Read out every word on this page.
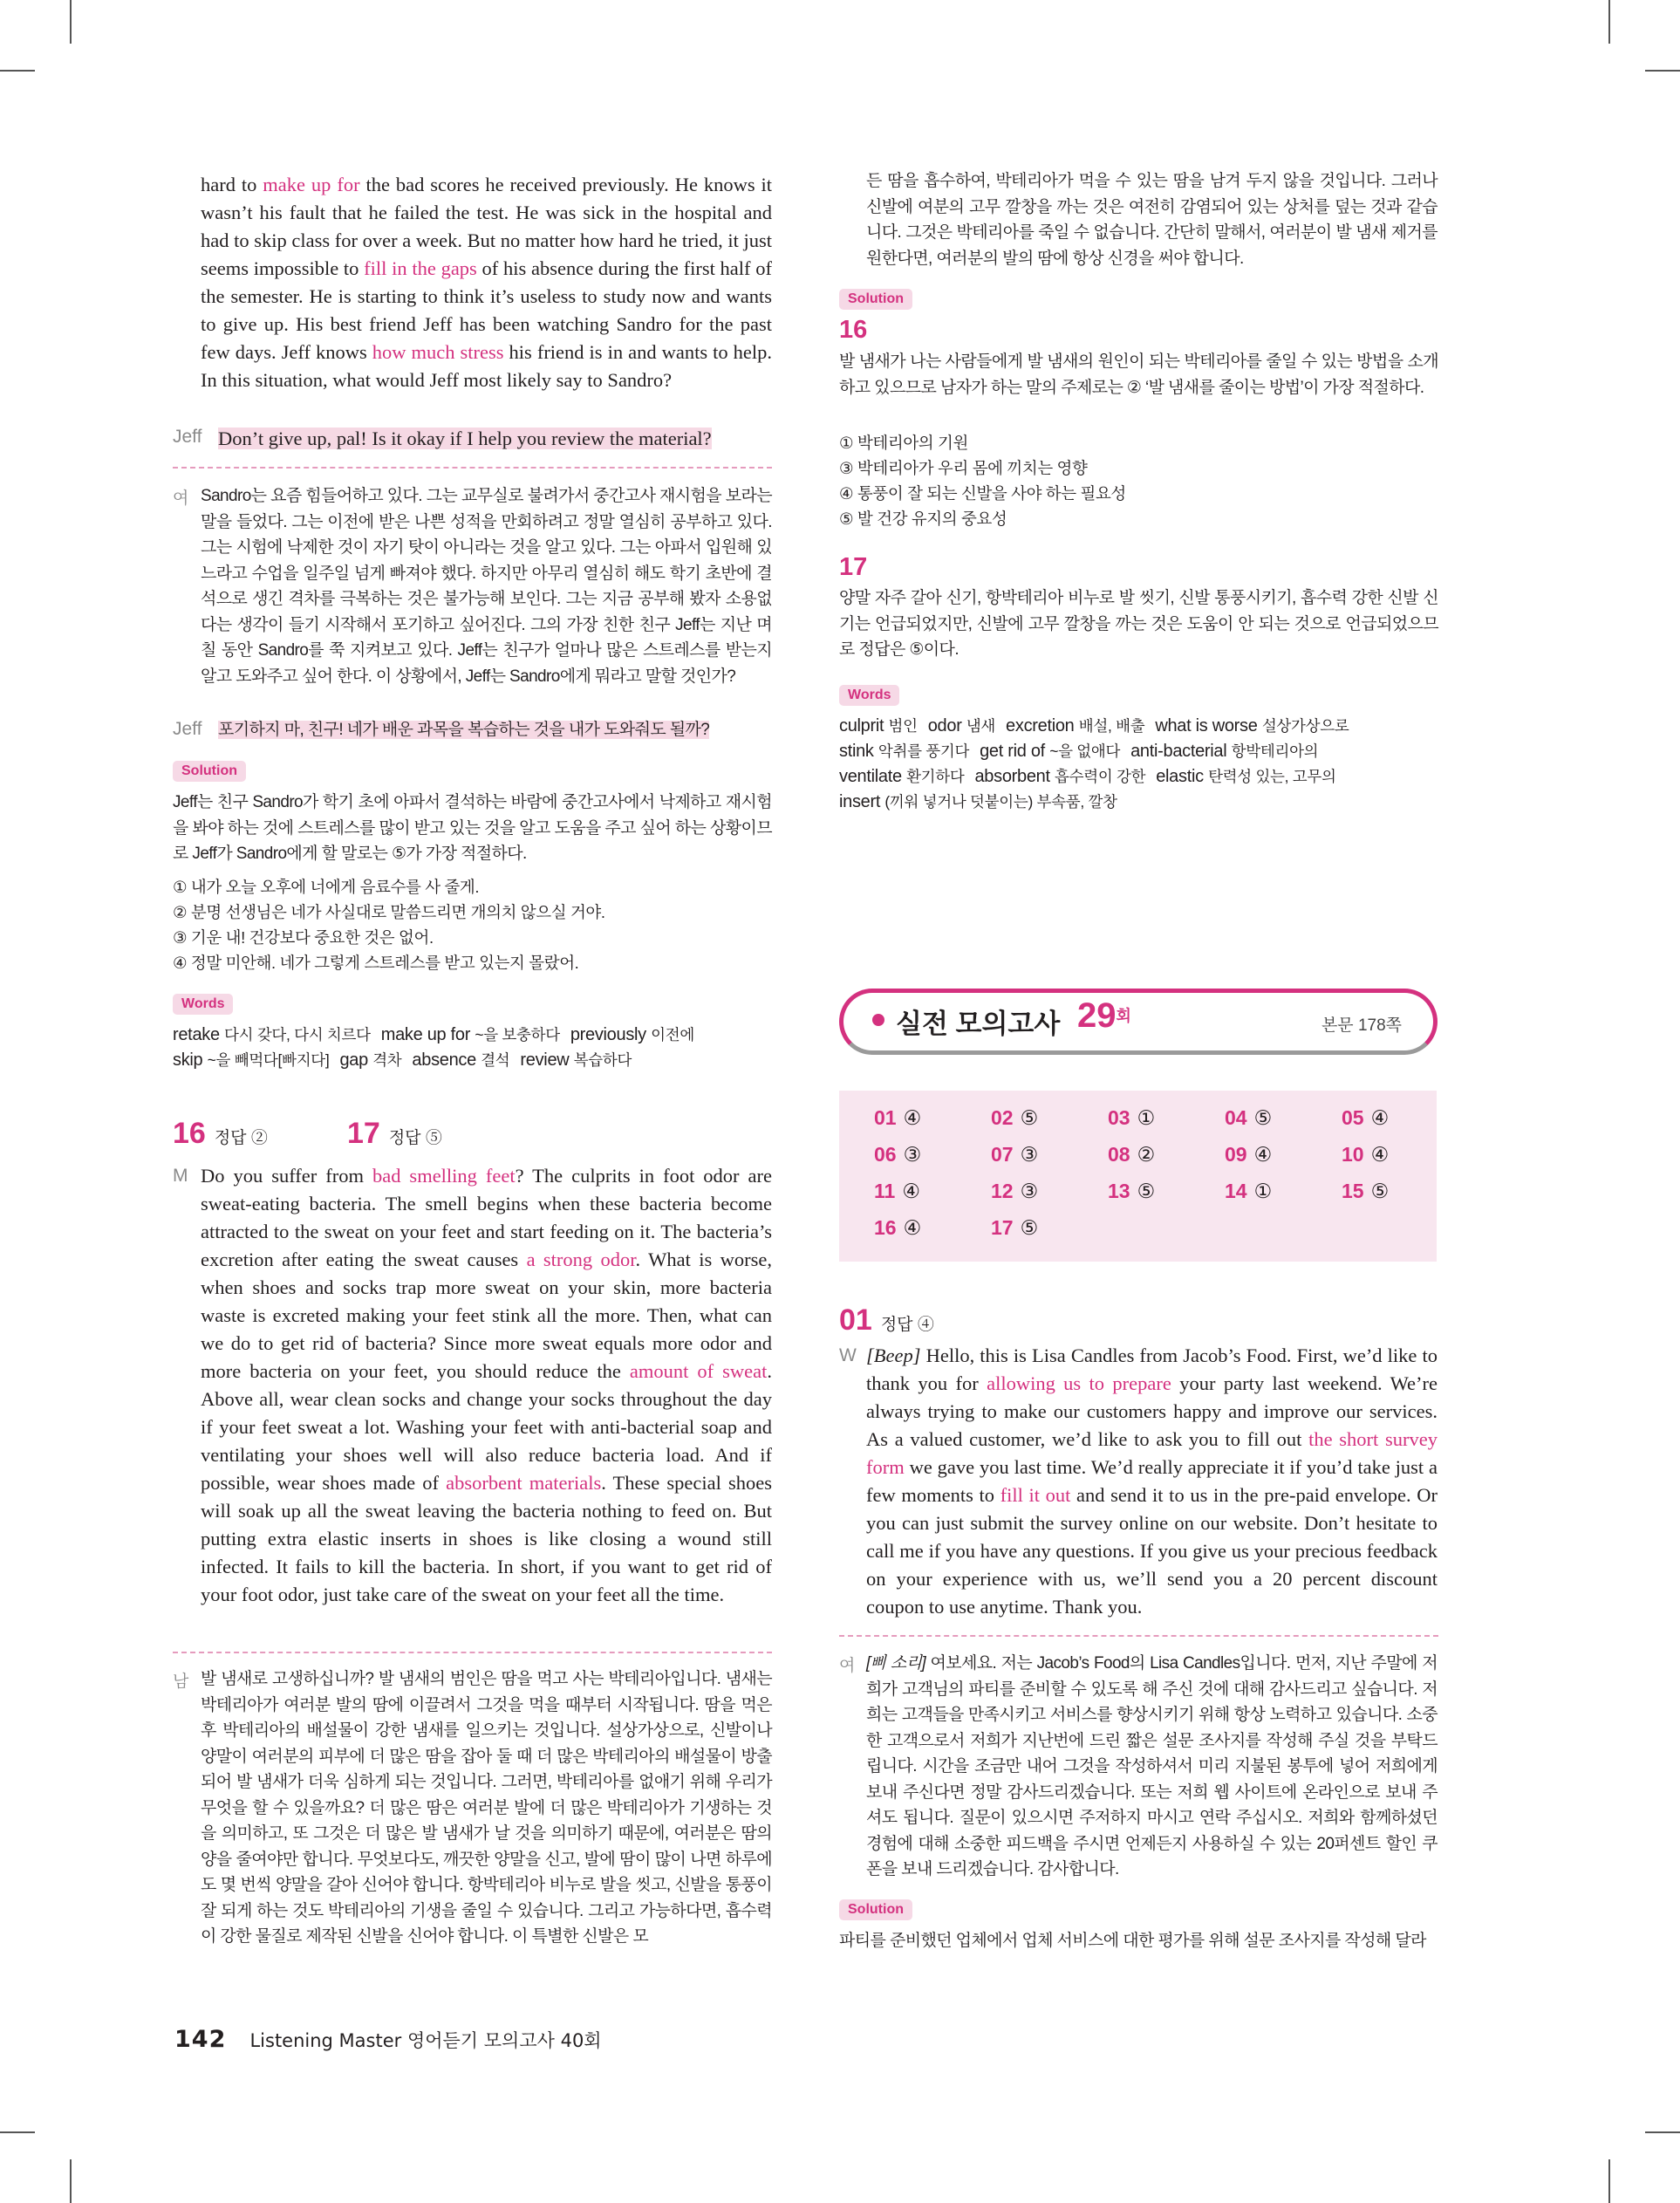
hard to make up for the bad scores he received previously. He knows it wasn’t his fault that he failed the test. He was sick in the hospital and had to skip class for over a week. But no matter how hard he tried, it just seems impossible to fill in the gaps of his absence during the first half of the semester. He is starting to think it’s useless to study now and wants to give up. His best friend Jeff has been watching Sandro for the past few days. Jeff knows how much stress his friend is in and wants to help. In this situation, what would Jeff most likely say to Sandro?
Jeff Don’t give up, pal! Is it okay if I help you review the material?
여 Sandro는 요즘 힘들어하고 있다. 그는 교무실로 불려가서 중간고사 재시험을 보라는 말을 들었다. 그는 이전에 받은 나쁜 성적을 만회하려고 정말 열심히 공부하고 있다. 그는 시험에 낙제한 것이 자기 탓이 아니라는 것을 알고 있다. 그는 아파서 입원해 있느라고 수업을 일주일 넘게 빠져야 했다. 하지만 아무리 열심히 해도 학기 초반에 결석으로 생긴 격차를 극복하는 것은 불가능해 보인다. 그는 지금 공부해 봤자 소용없다는 생각이 들기 시작해서 포기하고 싶어진다. 그의 가장 친한 친구 Jeff는 지난 며칠 동안 Sandro를 쭉 지켜보고 있다. Jeff는 친구가 얼마나 많은 스트레스를 받는지 알고 도와주고 싶어 한다. 이 상황에서, Jeff는 Sandro에게 뭐라고 말할 것인가?
Jeff 포기하지 마, 친구! 네가 배운 과목을 복습하는 것을 내가 도와줘도 될까?
Solution
Jeff는 친구 Sandro가 학기 초에 아파서 결석하는 바람에 중간고사에서 낙제하고 재시험을 봐야 하는 것에 스트레스를 많이 받고 있는 것을 알고 도움을 주고 싶어 하는 상황이므로 Jeff가 Sandro에게 할 말로는 ⑤가 가장 적절하다.
① 내가 오늘 오후에 너에게 음료수를 사 줄게.
② 분명 선생님은 네가 사실대로 말씀드리면 개의치 않으실 거야.
③ 기운 내! 건강보다 중요한 것은 없어.
④ 정말 미안해. 네가 그렇게 스트레스를 받고 있는지 몰랐어.
Words
retake 다시 갖다, 다시 치르다 make up for ~을 보충하다 previously 이전에
skip ~을 빼먹다[빠지다] gap 격차 absence 결석 review 복습하다
16 정답 ②	17 정답 ⑤
M Do you suffer from bad smelling feet? The culprits in foot odor are sweat-eating bacteria. The smell begins when these bacteria become attracted to the sweat on your feet and start feeding on it. The bacteria’s excretion after eating the sweat causes a strong odor. What is worse, when shoes and socks trap more sweat on your skin, more bacteria waste is excreted making your feet stink all the more. Then, what can we do to get rid of bacteria? Since more sweat equals more odor and more bacteria on your feet, you should reduce the amount of sweat. Above all, wear clean socks and change your socks throughout the day if your feet sweat a lot. Washing your feet with anti-bacterial soap and ventilating your shoes well will also reduce bacteria load. And if possible, wear shoes made of absorbent materials. These special shoes will soak up all the sweat leaving the bacteria nothing to feed on. But putting extra elastic inserts in shoes is like closing a wound still infected. It fails to kill the bacteria. In short, if you want to get rid of your foot odor, just take care of the sweat on your feet all the time.
남 발 냄새로 고생하십니까? 발 냄새의 범인은 땀을 먹고 사는 박테리아입니다. 냄새는 박테리아가 여러분 발의 땀에 이끌려서 그것을 먹을 때부터 시작됩니다. 땀을 먹은 후 박테리아의 배설물이 강한 냄새를 일으키는 것입니다. 설상가상으로, 신발이나 양말이 여러분의 피부에 더 많은 땀을 잡아 둘 때 더 많은 박테리아의 배설물이 방출되어 발 냄새가 더욱 심하게 되는 것입니다. 그러면, 박테리아를 없애기 위해 우리가 무엇을 할 수 있을까요? 더 많은 땀은 여러분 발에 더 많은 박테리아가 기생하는 것을 의미하고, 또 그것은 더 많은 발 냄새가 날 것을 의미하기 때문에, 여러분은 땀의 양을 줄여야만 합니다. 무엇보다도, 깨끗한 양말을 신고, 발에 땀이 많이 나면 하루에도 몇 번씩 양말을 갈아 신어야 합니다. 항박테리아 비누로 발을 씻고, 신발을 통풍이 잘 되게 하는 것도 박테리아의 기생을 줄일 수 있습니다. 그리고 가능하다면, 흡수력이 강한 물질로 제작된 신발을 신어야 합니다. 이 특별한 신발은 모
142 Listening Master 영어듣기 모의고사 40회
든 땀을 흡수하여, 박테리아가 먹을 수 있는 땀을 남겨 두지 않을 것입니다. 그러나 신발에 여분의 고무 깔창을 까는 것은 여전히 감염되어 있는 상처를 덮는 것과 같습니다. 그것은 박테리아를 죽일 수 없습니다. 간단히 말해서, 여러분이 발 냄새 제거를 원한다면, 여러분의 발의 땀에 항상 신경을 써야 합니다.
Solution
16
발 냄새가 나는 사람들에게 발 냄새의 원인이 되는 박테리아를 줄일 수 있는 방법을 소개하고 있으므로 남자가 하는 말의 주제로는 ② ‘발 냄새를 줄이는 방법’이 가장 적절하다.
① 박테리아의 기원
③ 박테리아가 우리 몸에 끼치는 영향
④ 통풍이 잘 되는 신발을 사야 하는 필요성
⑤ 발 건강 유지의 중요성
17
양말 자주 갈아 신기, 항박테리아 비누로 발 씻기, 신발 통풍시키기, 흡수력 강한 신발 신기는 언급되었지만, 신발에 고무 깔창을 까는 것은 도움이 안 되는 것으로 언급되었으므로 정답은 ⑤이다.
Words
culprit 범인 odor 냄새 excretion 배설, 배출 what is worse 설상가상으로
stink 악취를 풍기다 get rid of ~을 없애다 anti-bacterial 항박테리아의
ventilate 환기하다 absorbent 흡수력이 강한 elastic 탄력성 있는, 고무의
insert (끼워 넣거나 덧붙이는) 부속품, 깔창
실전 모의고사 $29^회$
본문 178쪽
01 ④	02 ⑤	03 ①	04 ⑤	05 ④
06 ③	07 ③	08 ②	09 ④	10 ④
11 ④	12 ③	13 ⑤	14 ①	15 ⑤
16 ④	17 ⑤
01 정답 ④
W [Beep] Hello, this is Lisa Candles from Jacob’s Food. First, we’d like to thank you for allowing us to prepare your party last weekend. We’re always trying to make our customers happy and improve our services. As a valued customer, we’d like to ask you to fill out the short survey form we gave you last time. We’d really appreciate it if you’d take just a few moments to fill it out and send it to us in the pre-paid envelope. Or you can just submit the survey online on our website. Don’t hesitate to call me if you have any questions. If you give us your precious feedback on your experience with us, we’ll send you a 20 percent discount coupon to use anytime. Thank you.
여 [삐 소리] 여보세요. 저는 Jacob’s Food의 Lisa Candles입니다. 먼저, 지난 주말에 저희가 고객님의 파티를 준비할 수 있도록 해 주신 것에 대해 감사드리고 싶습니다. 저희는 고객들을 만족시키고 서비스를 향상시키기 위해 항상 노력하고 있습니다. 소중한 고객으로서 저희가 지난번에 드린 짧은 설문 조사지를 작성해 주실 것을 부탁드립니다. 시간을 조금만 내어 그것을 작성하셔서 미리 지불된 봉투에 넣어 저희에게 보내 주신다면 정말 감사드리겠습니다. 또는 저희 웹 사이트에 온라인으로 보내 주셔도 됩니다. 질문이 있으시면 주저하지 마시고 연락 주십시오. 저희와 함께하셨던 경험에 대해 소중한 피드백을 주시면 언제든지 사용하실 수 있는 20퍼센트 할인 쿠폰을 보내 드리겠습니다. 감사합니다.
Solution
파티를 준비했던 업체에서 업체 서비스에 대한 평가를 위해 설문 조사지를 작성해 달라
